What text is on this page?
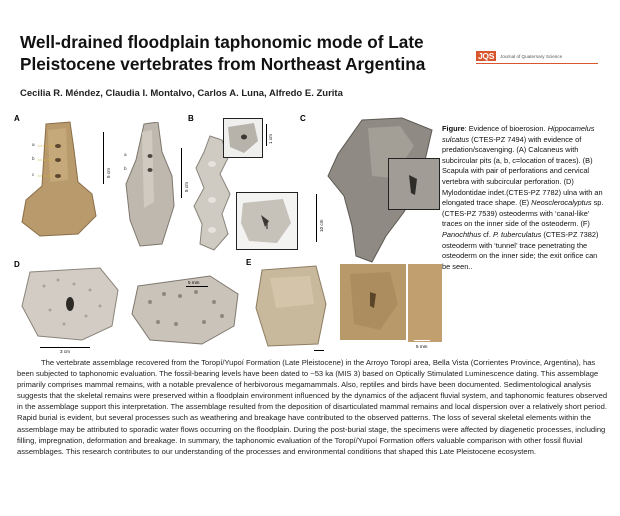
Well-drained floodplain taphonomic mode of Late Pleistocene vertebrates from Northeast Argentina
Cecilia R. Méndez, Claudia I. Montalvo, Carlos A. Luna, Alfredo E. Zurita
JQS	Journal of Quaternary Science
A
a
b
c	5 cm
a
b
5 cm
B
1 cm
C
10 cm
D
3 cm
5 mm
E
5 mm
Figure: Evidence of bioerosion. Hippocamelus sulcatus (CTES-PZ 7494) with evidence of predation/scavenging. (A) Calcaneus with subcircular pits (a, b, c=location of traces). (B) Scapula with pair of perforations and cervical vertebra with subcircular perforation. (D) Mylodontidae indet.(CTES-PZ 7782) ulna with an elongated trace shape. (E) Neosclerocalyptus sp. (CTES-PZ 7539) osteoderms with ‘canal-like’ traces on the inner side of the osteoderm. (F) Panochthus cf. P. tuberculatus (CTES-PZ 7382) osteoderm with ‘tunnel’ trace penetrating the osteoderm on the inner side; the exit orifice can be seen..
The vertebrate assemblage recovered from the Toropí/Yupoí Formation (Late Pleistocene) in the Arroyo Toropí area, Bella Vista (Corrientes Province, Argentina), has been subjected to taphonomic evaluation. The fossil-bearing levels have been dated to ~53 ka (MIS 3) based on Optically Stimulated Luminescence dating. This assemblage primarily comprises mammal remains, with a notable prevalence of herbivorous megamammals. Also, reptiles and birds have been documented. Sedimentological analysis suggests that the skeletal remains were preserved within a floodplain environment influenced by the dynamics of the adjacent fluvial system, and taphonomic features observed in the assemblage support this interpretation. The assemblage resulted from the deposition of disarticulated mammal remains and local dispersion over a relatively short period. Rapid burial is evident, but several processes such as weathering and breakage have contributed to the observed patterns. The loss of several skeletal elements within the assemblage may be attributed to sporadic water flows occurring on the floodplain. During the post-burial stage, the specimens were affected by diagenetic processes, including filling, impregnation, deformation and breakage. In summary, the taphonomic evaluation of the Toropí/Yupoí Formation offers valuable comparison with other fossil fluvial assemblages. This research contributes to our understanding of the processes and environmental conditions that shaped this Late Pleistocene ecosystem.
